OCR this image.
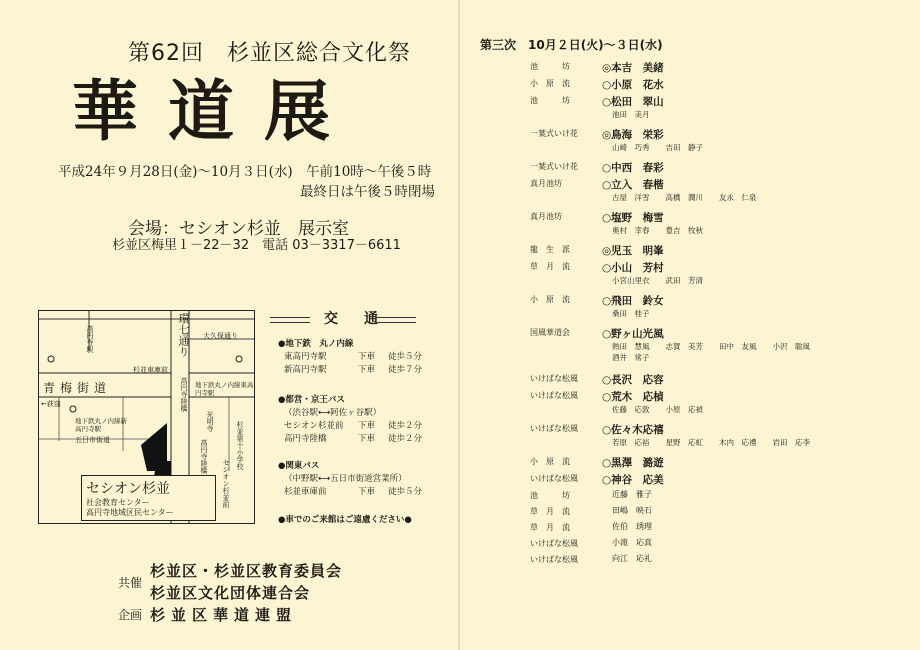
第62回　杉並区総合文化祭
華道展
平成24年９月28日(金)～10月３日(水)　午前10時～午後５時
最終日は午後５時閉場
会場：セシオン杉並　展示室
杉並区梅里１－22－32　電話 03－3317－6611
高円寺駅	環七通り 大久保通り
青梅街道
杉並車庫前
高円寺陸橋 地下鉄丸ノ内線東高円寺駅
←荻窪
地下鉄丸ノ内線新高円寺駅
五日市街道
光明寺	杉並第十小学校
セシオン杉並前
高円寺陸橋
セシオン杉並
社会教育センター
高円寺地域区民センター
交　通
●地下鉄　丸ノ内線
東高円寺駅	下車 徒歩５分
新高円寺駅	下車 徒歩７分
●都営・京王バス
（渋谷駅⟷阿佐ヶ谷駅）
セシオン杉並前 下車 徒歩２分
高円寺陸橋	下車 徒歩２分
●関東バス
（中野駅⟷五日市街道営業所）
杉並車庫前	下車 徒歩５分
●車でのご来館はご遠慮ください●
共催
杉並区・杉並区教育委員会
杉並区文化団体連合会
企画 杉並区華道連盟
第三次　10月２日(火)～３日(水)
池　　　坊	◎本吉　美緒
小　原　流	○小原　花水
池　　　坊	○松田　翠山
池田　美月
一葉式いけ花	◎鳥海　栄彩
山崎　巧秀 吉田　静子
一葉式いけ花	○中西　春彩
真月池坊	○立入　春楷
古屋　洋雪 高橋　潤川 友永　仁泉
真月池坊	○塩野　梅雪
奥村　幸春 豊吉　牧秋
龍　生　派	◎児玉　明峯
草　月　流	○小山　芳村
小宮山里衣 武田　芳清
小　原　流	○飛田　鈴女
桑田　桂子
国風華道会	○野ヶ山光風
熱田　慧風 志賀　美芳 田中　友風 小沢　聡風
酒井　常子
いけばな松風	○長沢　応容
いけばな松風	○荒木　応楨
佐藤　応敦 小原　応禎
いけばな松風	○佐々木応禧
若原　応裕 星野　応虹 木内　応禮 岩田　応李
小　原　流	○黒澤　潞遊
いけばな松風	○神谷　応美
池　　　坊	近藤　雅子
草　月　流	田嶋　映石
草　月　流	佐伯　琇理
いけばな松風	小滝　応真
いけばな松風	向江　応礼
